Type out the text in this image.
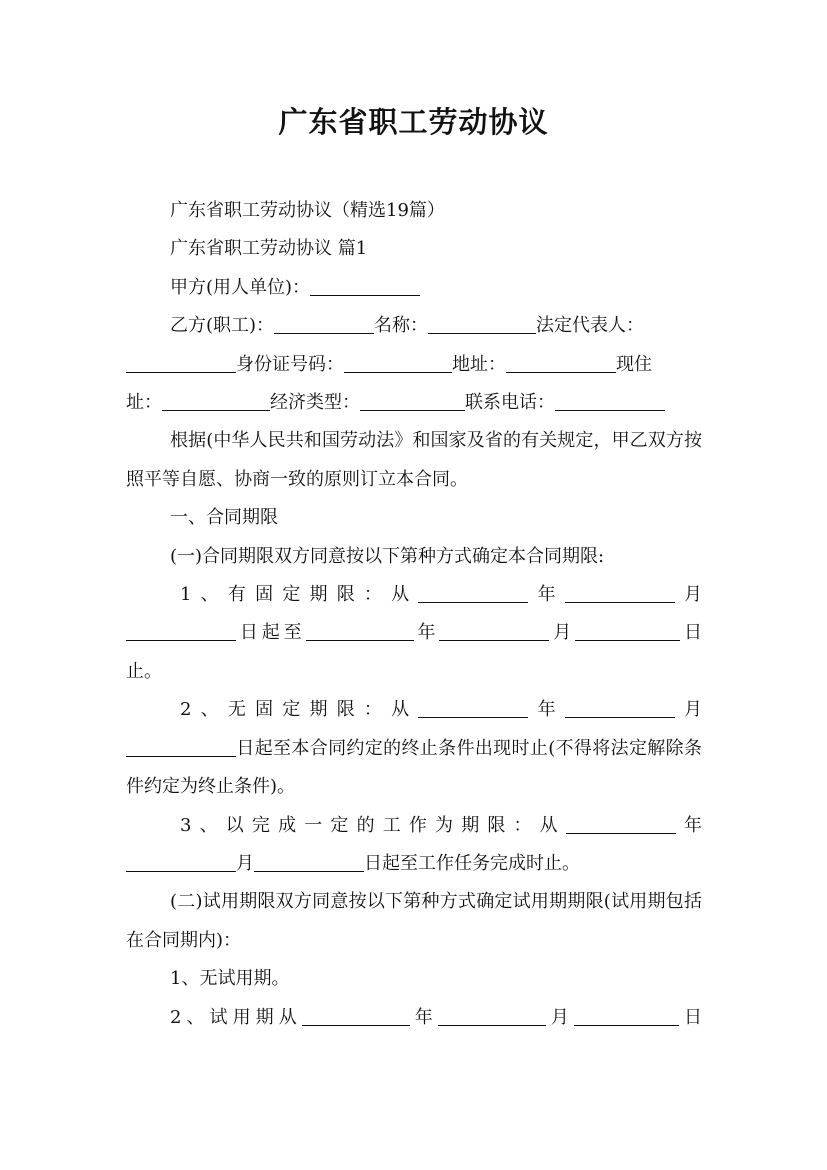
广东省职工劳动协议

广东省职工劳动协议（精选19篇）

广东省职工劳动协议 篇1

甲方(用人单位)：

乙方(职工)：	名称：	法定代表人：
身份证号码：	地址：	现住
址：	经济类型：	联系电话：

根据(中华人民共和国劳动法》和国家及省的有关规定，甲乙双方按照平等自愿、协商一致的原则订立本合同。

一、合同期限

(一)合同期限双方同意按以下第种方式确定本合同期限:

1、有固定期限：从	年	月

日起至	年	月	日

止。

2、无固定期限：从	年	月

日起至本合同约定的终止条件出现时止(不得将法定解除条件约定为终止条件)。

3、以完成一定的工作为期限：从	年

月	日起至工作任务完成时止。

(二)试用期限双方同意按以下第种方式确定试用期期限(试用期包括在合同期内)：

1、无试用期。

2、试用期从	年	月	日
